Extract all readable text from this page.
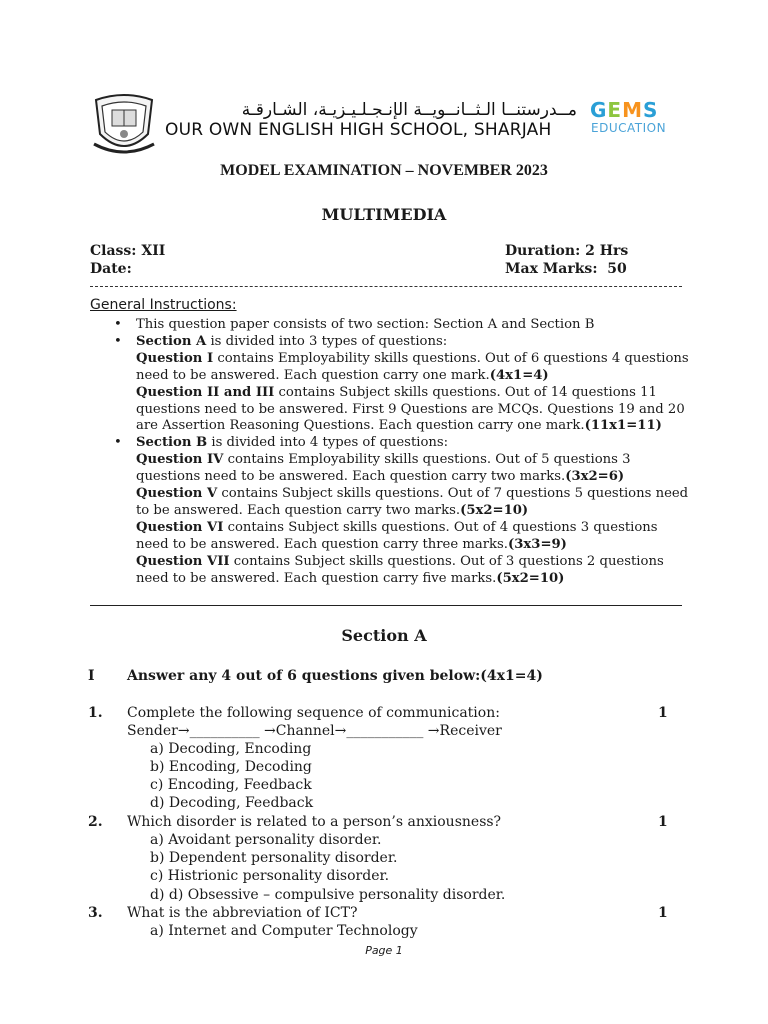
مــدرستنــا الـثــانــويــة الإنـجـلـيـزيـة، الشـارقـة
OUR OWN ENGLISH HIGH SCHOOL, SHARJAH
GEMS
EDUCATION
MODEL EXAMINATION – NOVEMBER 2023
MULTIMEDIA
Class: XII
Date:
Duration: 2 Hrs
Max Marks:  50
General Instructions:
• This question paper consists of two section: Section A and Section B
• Section A is divided into 3 types of questions:
Question I contains Employability skills questions. Out of 6 questions 4 questions need to be answered. Each question carry one mark.(4x1=4)
Question II and III contains Subject skills questions. Out of 14 questions 11 questions need to be answered. First 9 Questions are MCQs. Questions 19 and 20 are Assertion Reasoning Questions. Each question carry one mark.(11x1=11)
• Section B is divided into 4 types of questions:
Question IV contains Employability skills questions. Out of 5 questions 3 questions need to be answered. Each question carry two marks.(3x2=6)
Question V contains Subject skills questions. Out of 7 questions 5 questions need to be answered. Each question carry two marks.(5x2=10)
Question VI contains Subject skills questions. Out of 4 questions 3 questions need to be answered. Each question carry three marks.(3x3=9)
Question VII contains Subject skills questions. Out of 3 questions 2 questions need to be answered. Each question carry five marks.(5x2=10)
Section A
I Answer any 4 out of 6 questions given below:(4x1=4)
1. Complete the following sequence of communication:	1
Sender→__________ →Channel→___________ →Receiver
a) Decoding, Encoding
b) Encoding, Decoding
c) Encoding, Feedback
d) Decoding, Feedback
2. Which disorder is related to a person’s anxiousness?	1
a) Avoidant personality disorder.
b) Dependent personality disorder.
c) Histrionic personality disorder.
d) d) Obsessive – compulsive personality disorder.
3. What is the abbreviation of ICT?	1
a) Internet and Computer Technology
Page 1
